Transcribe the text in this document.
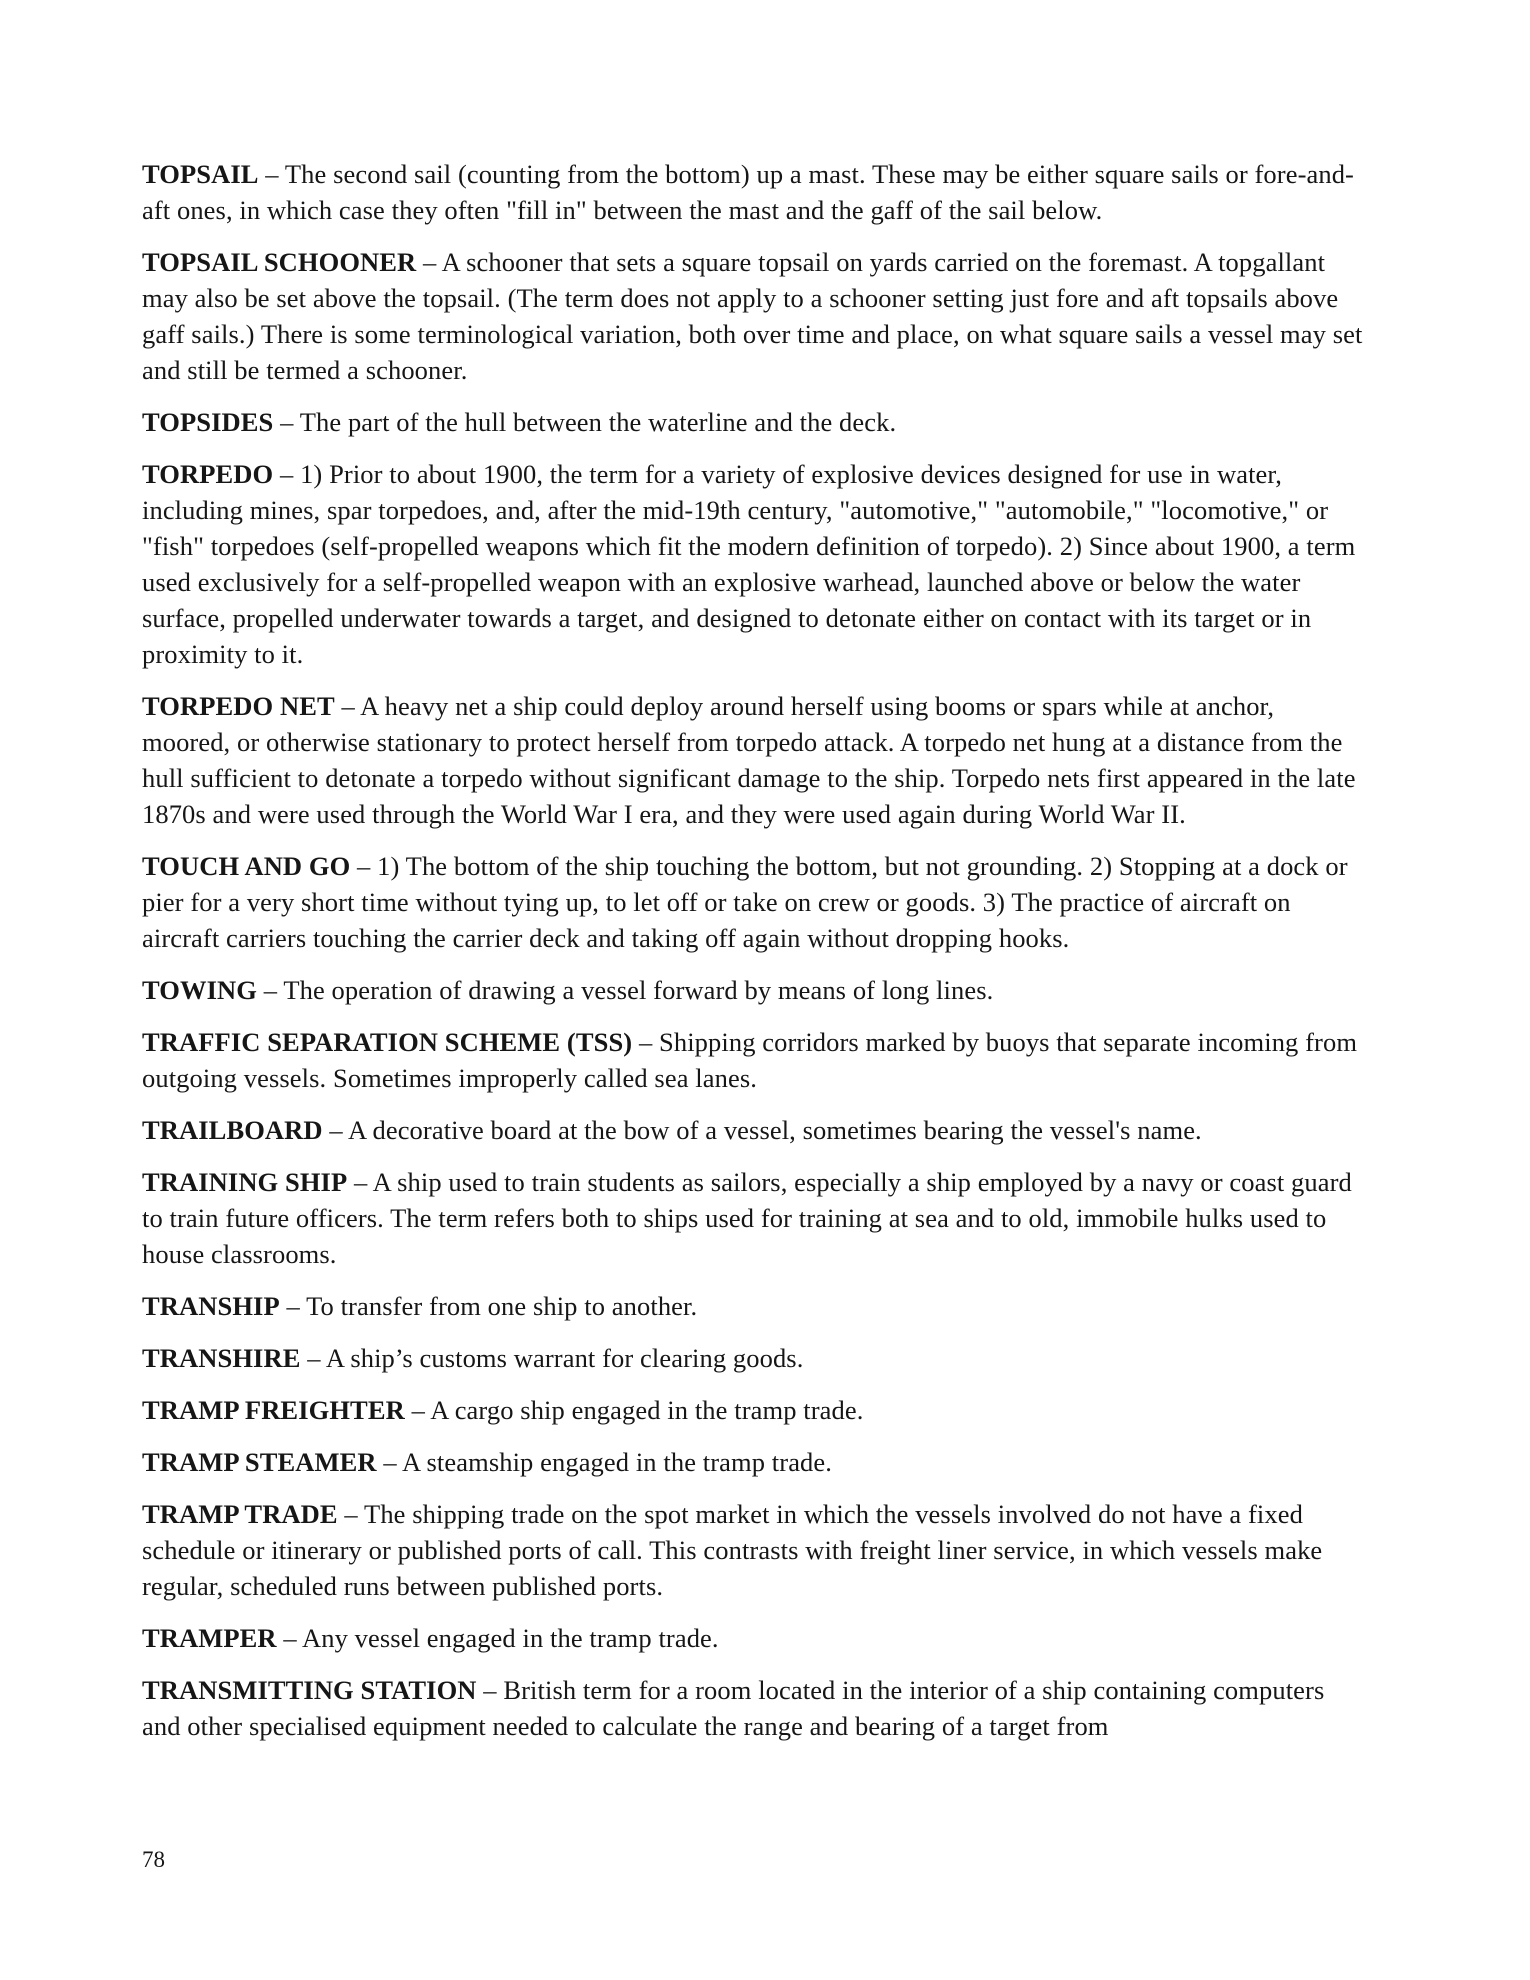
TOPSAIL – The second sail (counting from the bottom) up a mast. These may be either square sails or fore-and-aft ones, in which case they often "fill in" between the mast and the gaff of the sail below.

TOPSAIL SCHOONER – A schooner that sets a square topsail on yards carried on the foremast. A topgallant may also be set above the topsail. (The term does not apply to a schooner setting just fore and aft topsails above gaff sails.) There is some terminological variation, both over time and place, on what square sails a vessel may set and still be termed a schooner.

TOPSIDES – The part of the hull between the waterline and the deck.

TORPEDO – 1) Prior to about 1900, the term for a variety of explosive devices designed for use in water, including mines, spar torpedoes, and, after the mid-19th century, "automotive," "automobile," "locomotive," or "fish" torpedoes (self-propelled weapons which fit the modern definition of torpedo). 2) Since about 1900, a term used exclusively for a self-propelled weapon with an explosive warhead, launched above or below the water surface, propelled underwater towards a target, and designed to detonate either on contact with its target or in proximity to it.

TORPEDO NET – A heavy net a ship could deploy around herself using booms or spars while at anchor, moored, or otherwise stationary to protect herself from torpedo attack. A torpedo net hung at a distance from the hull sufficient to detonate a torpedo without significant damage to the ship. Torpedo nets first appeared in the late 1870s and were used through the World War I era, and they were used again during World War II.

TOUCH AND GO – 1) The bottom of the ship touching the bottom, but not grounding. 2) Stopping at a dock or pier for a very short time without tying up, to let off or take on crew or goods. 3) The practice of aircraft on aircraft carriers touching the carrier deck and taking off again without dropping hooks.

TOWING – The operation of drawing a vessel forward by means of long lines.

TRAFFIC SEPARATION SCHEME (TSS) – Shipping corridors marked by buoys that separate incoming from outgoing vessels. Sometimes improperly called sea lanes.

TRAILBOARD – A decorative board at the bow of a vessel, sometimes bearing the vessel's name.

TRAINING SHIP – A ship used to train students as sailors, especially a ship employed by a navy or coast guard to train future officers. The term refers both to ships used for training at sea and to old, immobile hulks used to house classrooms.

TRANSHIP – To transfer from one ship to another.

TRANSHIRE – A ship’s customs warrant for clearing goods.

TRAMP FREIGHTER – A cargo ship engaged in the tramp trade.

TRAMP STEAMER – A steamship engaged in the tramp trade.

TRAMP TRADE – The shipping trade on the spot market in which the vessels involved do not have a fixed schedule or itinerary or published ports of call. This contrasts with freight liner service, in which vessels make regular, scheduled runs between published ports.

TRAMPER – Any vessel engaged in the tramp trade.

TRANSMITTING STATION – British term for a room located in the interior of a ship containing computers and other specialised equipment needed to calculate the range and bearing of a target from

78
